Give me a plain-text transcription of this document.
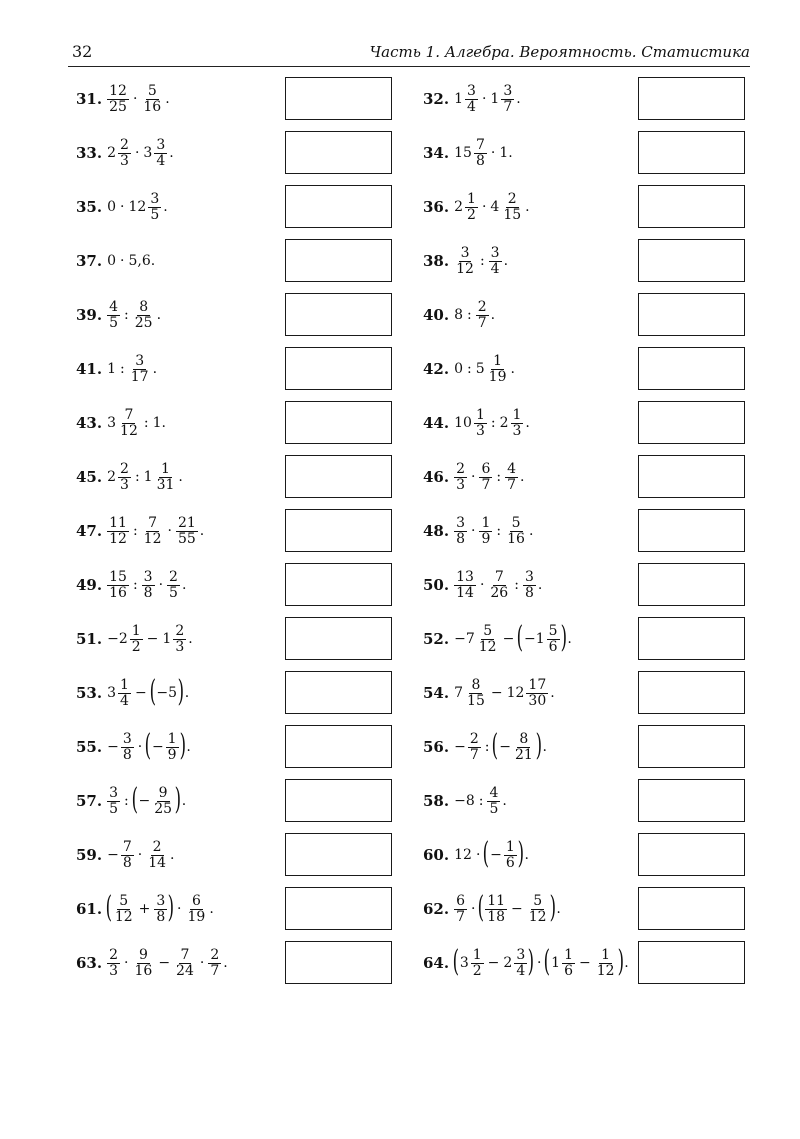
32	Часть 1. Алгебра. Вероятность. Статистика
31. $\frac{12}{25} \cdot \frac{5}{16}$ .	32. $1 \frac{3}{4} \cdot 1 \frac{3}{7}$ .
33. $2 \frac{2}{3} \cdot 3 \frac{3}{4}$ .	34. $15 \frac{7}{8} \cdot 1$.
35. $0 \cdot 12 \frac{3}{5}$ .	36. $2 \frac{1}{2} \cdot 4 \frac{2}{15}$ .
37. 0 · 5,6.	38. $\frac{3}{12}$ : $\frac{3}{4}$ .
39. $\frac{4}{5}$ : $\frac{8}{25}$ .	40. 8 : $\frac{2}{7}$ .
41. 1 : $\frac{3}{17}$ .	42. 0 : $5 \frac{1}{19}$ .
43. $3 \frac{7}{12}$ : 1.	44. $10 \frac{1}{3}$ : $2 \frac{1}{3}$ .
45. $2 \frac{2}{3}$ : $1 \frac{1}{31}$ .	46. $\frac{2}{3} \cdot \frac{6}{7}$ : $\frac{4}{7}$ .
47. $\frac{11}{12}$ : $\frac{7}{12} \cdot \frac{21}{55}$ .	48. $\frac{3}{8} \cdot \frac{1}{9}$ : $\frac{5}{16}$ .
49. $\frac{15}{16}$ : $\frac{3}{8} \cdot \frac{2}{5}$ .	50. $\frac{13}{14} \cdot \frac{7}{26}$ : $\frac{3}{8}$ .
51. $-2 \frac{1}{2} - 1 \frac{2}{3}$ .	52. $-7 \frac{5}{12}$ − ( $-1 \frac{5}{6}$ ) .
53. $3 \frac{1}{4}$ − ( −5 ) .	54. $7 \frac{8}{15} - 12 \frac{17}{30}$ .
55. − $\frac{3}{8}$ · ( − $\frac{1}{9}$ ) .	56. − $\frac{2}{7}$ : ( − $\frac{8}{21}$ ) .
57. $\frac{3}{5}$ : ( − $\frac{9}{25}$ ) .	58. −8 : $\frac{4}{5}$ .
59. − $\frac{7}{8} \cdot \frac{2}{14}$ .	60. 12 · ( − $\frac{1}{6}$ ) .
61. ( $\frac{5}{12} + \frac{3}{8}$ ) · $\frac{6}{19}$ .	62. $\frac{6}{7}$ · ( $\frac{11}{18} - \frac{5}{12}$ ) .
63. $\frac{2}{3} \cdot \frac{9}{16} - \frac{7}{24} \cdot \frac{2}{7}$ .	64. ( $3 \frac{1}{2} - 2 \frac{3}{4}$ ) · ( $1 \frac{1}{6} - \frac{1}{12}$ ) .
